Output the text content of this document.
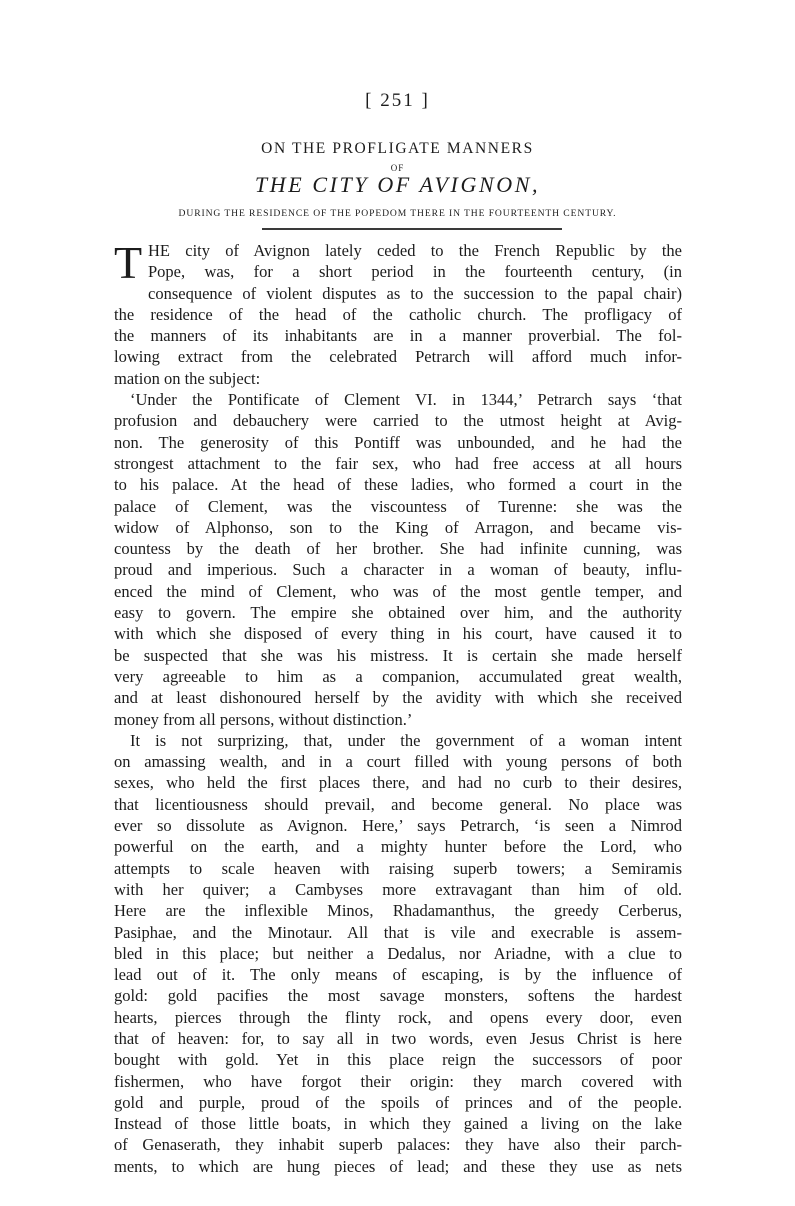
[ 251 ]
ON THE PROFLIGATE MANNERS
OF
THE CITY OF AVIGNON,
DURING THE RESIDENCE OF THE POPEDOM THERE IN THE FOURTEENTH CENTURY.
T HE city of Avignon lately ceded to the French Republic by the
Pope, was, for a short period in the fourteenth century, (in
consequence of violent disputes as to the succession to the papal chair)
the residence of the head of the catholic church. The profligacy of
the manners of its inhabitants are in a manner proverbial. The fol-
lowing extract from the celebrated Petrarch will afford much infor-
mation on the subject:
‘Under the Pontificate of Clement VI. in 1344,’ Petrarch says ‘that
profusion and debauchery were carried to the utmost height at Avig-
non. The generosity of this Pontiff was unbounded, and he had the
strongest attachment to the fair sex, who had free access at all hours
to his palace. At the head of these ladies, who formed a court in the
palace of Clement, was the viscountess of Turenne: she was the
widow of Alphonso, son to the King of Arragon, and became vis-
countess by the death of her brother. She had infinite cunning, was
proud and imperious. Such a character in a woman of beauty, influ-
enced the mind of Clement, who was of the most gentle temper, and
easy to govern. The empire she obtained over him, and the authority
with which she disposed of every thing in his court, have caused it to
be suspected that she was his mistress. It is certain she made herself
very agreeable to him as a companion, accumulated great wealth,
and at least dishonoured herself by the avidity with which she received
money from all persons, without distinction.’
It is not surprizing, that, under the government of a woman intent
on amassing wealth, and in a court filled with young persons of both
sexes, who held the first places there, and had no curb to their desires,
that licentiousness should prevail, and become general. No place was
ever so dissolute as Avignon. Here,’ says Petrarch, ‘is seen a Nimrod
powerful on the earth, and a mighty hunter before the Lord, who
attempts to scale heaven with raising superb towers; a Semiramis
with her quiver; a Cambyses more extravagant than him of old.
Here are the inflexible Minos, Rhadamanthus, the greedy Cerberus,
Pasiphae, and the Minotaur. All that is vile and execrable is assem-
bled in this place; but neither a Dedalus, nor Ariadne, with a clue to
lead out of it. The only means of escaping, is by the influence of
gold: gold pacifies the most savage monsters, softens the hardest
hearts, pierces through the flinty rock, and opens every door, even
that of heaven: for, to say all in two words, even Jesus Christ is here
bought with gold. Yet in this place reign the successors of poor
fishermen, who have forgot their origin: they march covered with
gold and purple, proud of the spoils of princes and of the people.
Instead of those little boats, in which they gained a living on the lake
of Genaserath, they inhabit superb palaces: they have also their parch-
ments, to which are hung pieces of lead; and these they use as nets
